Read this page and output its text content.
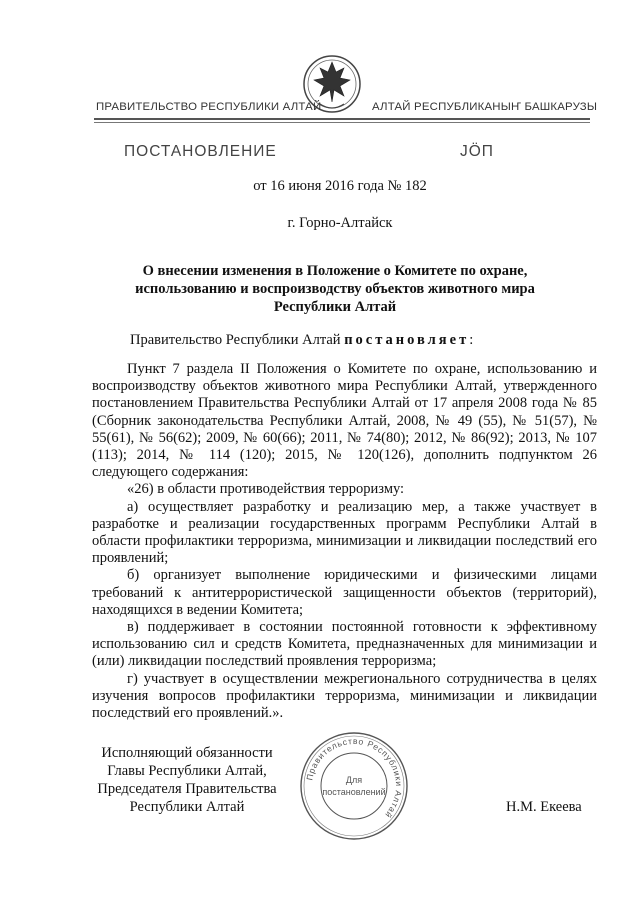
ПРАВИТЕЛЬСТВО РЕСПУБЛИКИ АЛТАЙ	АЛТАЙ РЕСПУБЛИКАНЫҤ БАШКАРУЗЫ
ПОСТАНОВЛЕНИЕ	JӦП
от 16 июня 2016 года № 182
г. Горно-Алтайск
О внесении изменения в Положение о Комитете по охране,
использованию и воспроизводству объектов животного мира
Республики Алтай
Правительство Республики Алтай постановляет:

Пункт 7 раздела II Положения о Комитете по охране, использованию и воспроизводству объектов животного мира Республики Алтай, утвержденного постановлением Правительства Республики Алтай от 17 апреля 2008 года № 85 (Сборник законодательства Республики Алтай, 2008, № 49 (55), № 51(57), № 55(61), № 56(62); 2009, № 60(66); 2011, № 74(80); 2012, № 86(92); 2013, № 107 (113); 2014, № 114 (120); 2015, № 120(126), дополнить подпунктом 26 следующего содержания:

«26) в области противодействия терроризму:

а) осуществляет разработку и реализацию мер, а также участвует в разработке и реализации государственных программ Республики Алтай в области профилактики терроризма, минимизации и ликвидации последствий его проявлений;

б) организует выполнение юридическими и физическими лицами требований к антитеррористической защищенности объектов (территорий), находящихся в ведении Комитета;

в) поддерживает в состоянии постоянной готовности к эффективному использованию сил и средств Комитета, предназначенных для минимизации и (или) ликвидации последствий проявления терроризма;

г) участвует в осуществлении межрегионального сотрудничества в целях изучения вопросов профилактики терроризма, минимизации и ликвидации последствий его проявлений.».

Исполняющий обязанности
Главы Республики Алтай,
Председателя Правительства
Республики Алтай
Правительство Республики Алтай
Для
постановлений
Н.М. Екеева
